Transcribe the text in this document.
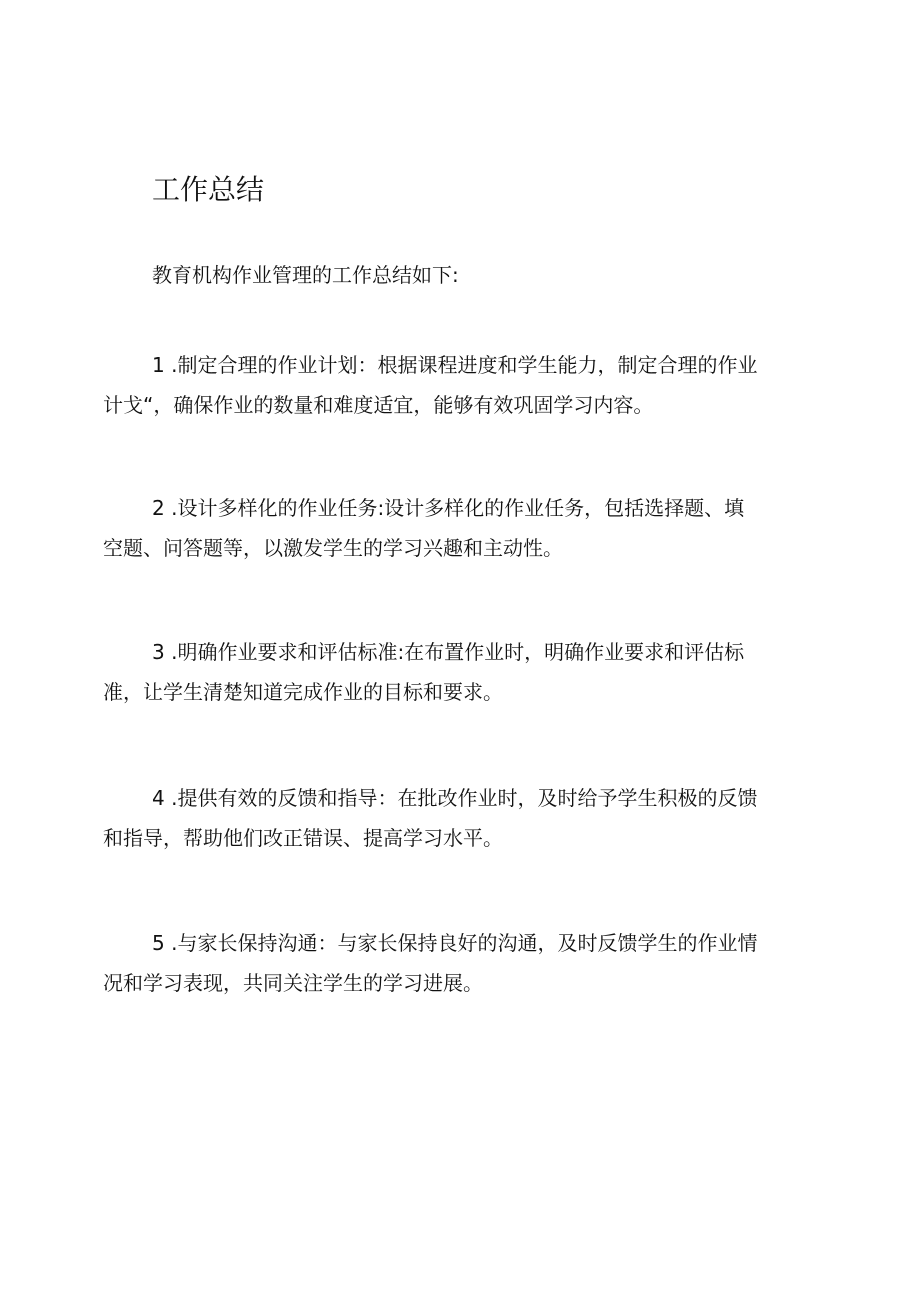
工作总结

教育机构作业管理的工作总结如下:

1 .制定合理的作业计划：根据课程进度和学生能力，制定合理的作业
计戈“，确保作业的数量和难度适宜，能够有效巩固学习内容。

2 .设计多样化的作业任务:设计多样化的作业任务，包括选择题、填
空题、问答题等，以激发学生的学习兴趣和主动性。

3 .明确作业要求和评估标准:在布置作业时，明确作业要求和评估标
准，让学生清楚知道完成作业的目标和要求。

4 .提供有效的反馈和指导：在批改作业时，及时给予学生积极的反馈
和指导，帮助他们改正错误、提高学习水平。

5 .与家长保持沟通：与家长保持良好的沟通，及时反馈学生的作业情
况和学习表现，共同关注学生的学习进展。
